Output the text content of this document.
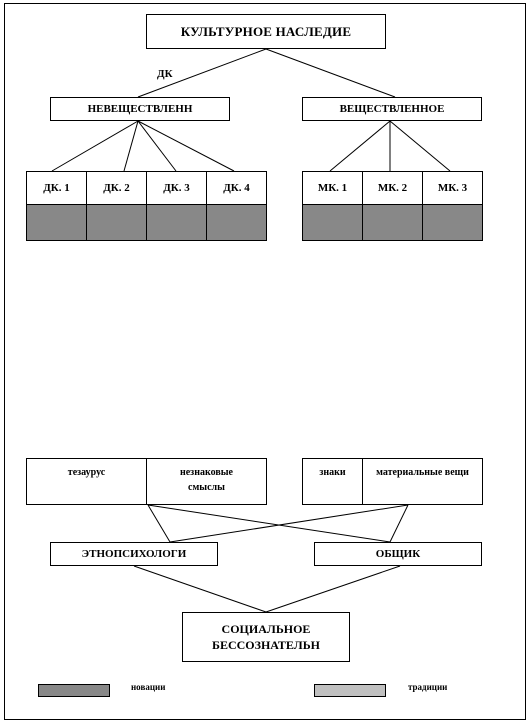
КУЛЬТУРНОЕ НАСЛЕДИЕ
ДК
НЕВЕЩЕСТВЛЕНН	ВЕЩЕСТВЛЕННОЕ
ДК. 1	ДК. 2	ДК. 3	ДК. 4	МК. 1	МК. 2	МК. 3
тезаурус	незнаковые смыслы
знаки	материальные вещи
ЭТНОПСИХОЛОГИ	ОБЩИК
СОЦИАЛЬНОЕ
БЕССОЗНАТЕЛЬН
новации	традиции
